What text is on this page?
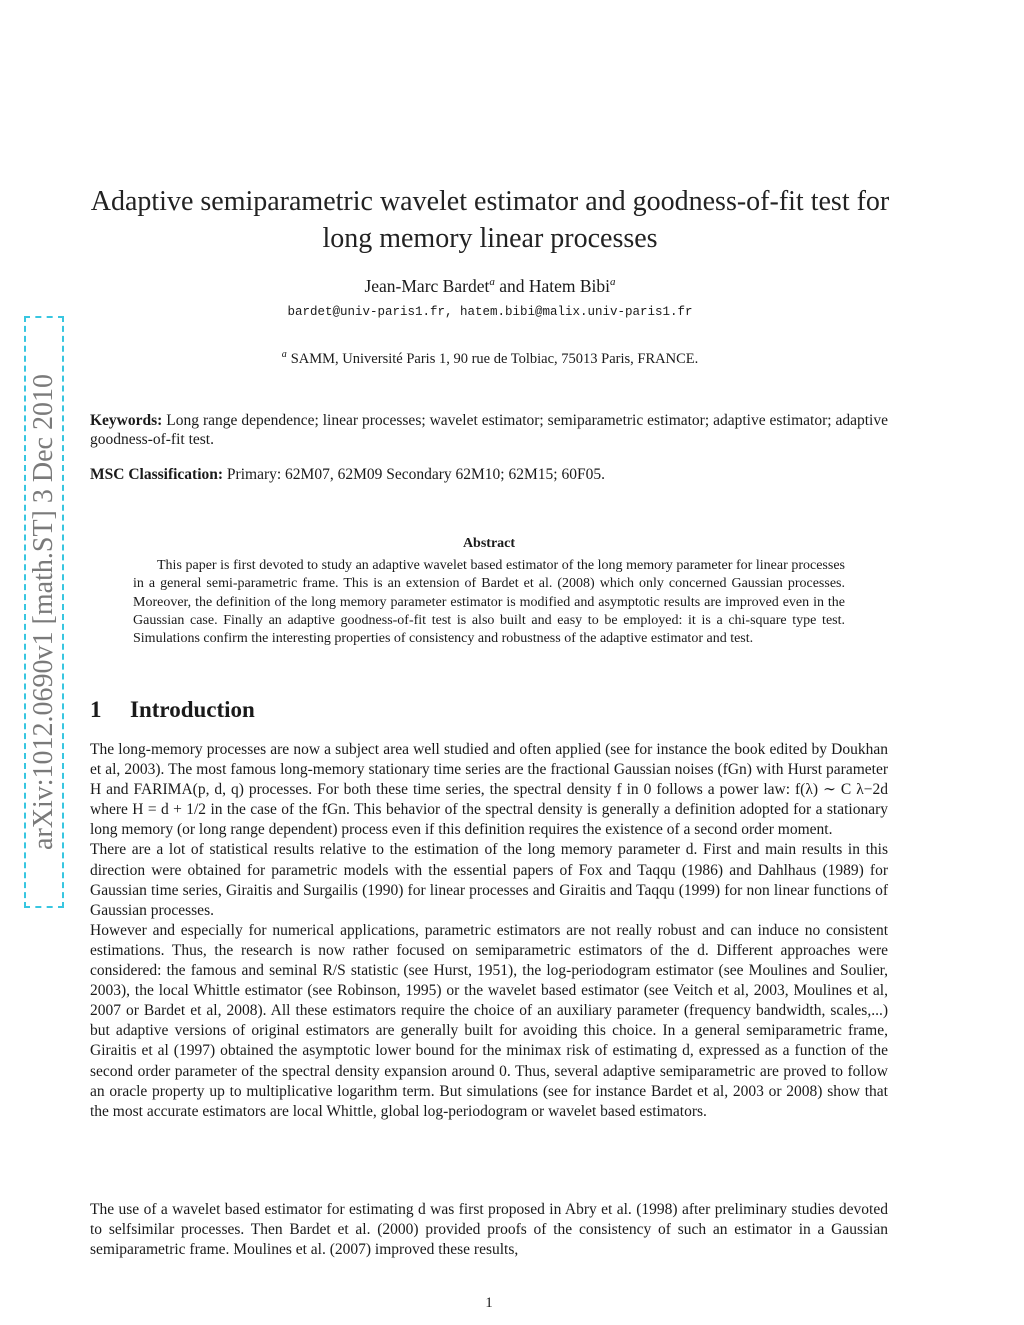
arXiv:1012.0690v1 [math.ST] 3 Dec 2010
Adaptive semiparametric wavelet estimator and goodness-of-fit test for long memory linear processes
Jean-Marc Bardet$^a$ and Hatem Bibi$^a$
bardet@univ-paris1.fr, hatem.bibi@malix.univ-paris1.fr
$^a$ SAMM, Université Paris 1, 90 rue de Tolbiac, 75013 Paris, FRANCE.
Keywords: Long range dependence; linear processes; wavelet estimator; semiparametric estimator; adaptive estimator; adaptive goodness-of-fit test.
MSC Classification: Primary: 62M07, 62M09 Secondary 62M10; 62M15; 60F05.
Abstract
This paper is first devoted to study an adaptive wavelet based estimator of the long memory parameter for linear processes in a general semi-parametric frame. This is an extension of Bardet et al. (2008) which only concerned Gaussian processes. Moreover, the definition of the long memory parameter estimator is modified and asymptotic results are improved even in the Gaussian case. Finally an adaptive goodness-of-fit test is also built and easy to be employed: it is a chi-square type test. Simulations confirm the interesting properties of consistency and robustness of the adaptive estimator and test.
1 Introduction
The long-memory processes are now a subject area well studied and often applied (see for instance the book edited by Doukhan et al, 2003). The most famous long-memory stationary time series are the fractional Gaussian noises (fGn) with Hurst parameter H and FARIMA(p, d, q) processes. For both these time series, the spectral density f in 0 follows a power law: f(λ) ∼ C λ−2d where H = d + 1/2 in the case of the fGn. This behavior of the spectral density is generally a definition adopted for a stationary long memory (or long range dependent) process even if this definition requires the existence of a second order moment.
There are a lot of statistical results relative to the estimation of the long memory parameter d. First and main results in this direction were obtained for parametric models with the essential papers of Fox and Taqqu (1986) and Dahlhaus (1989) for Gaussian time series, Giraitis and Surgailis (1990) for linear processes and Giraitis and Taqqu (1999) for non linear functions of Gaussian processes.
However and especially for numerical applications, parametric estimators are not really robust and can induce no consistent estimations. Thus, the research is now rather focused on semiparametric estimators of the d. Different approaches were considered: the famous and seminal R/S statistic (see Hurst, 1951), the log-periodogram estimator (see Moulines and Soulier, 2003), the local Whittle estimator (see Robinson, 1995) or the wavelet based estimator (see Veitch et al, 2003, Moulines et al, 2007 or Bardet et al, 2008). All these estimators require the choice of an auxiliary parameter (frequency bandwidth, scales,...) but adaptive versions of original estimators are generally built for avoiding this choice. In a general semiparametric frame, Giraitis et al (1997) obtained the asymptotic lower bound for the minimax risk of estimating d, expressed as a function of the second order parameter of the spectral density expansion around 0. Thus, several adaptive semiparametric are proved to follow an oracle property up to multiplicative logarithm term. But simulations (see for instance Bardet et al, 2003 or 2008) show that the most accurate estimators are local Whittle, global log-periodogram or wavelet based estimators.
The use of a wavelet based estimator for estimating d was first proposed in Abry et al. (1998) after preliminary studies devoted to selfsimilar processes. Then Bardet et al. (2000) provided proofs of the consistency of such an estimator in a Gaussian semiparametric frame. Moulines et al. (2007) improved these results,
1
